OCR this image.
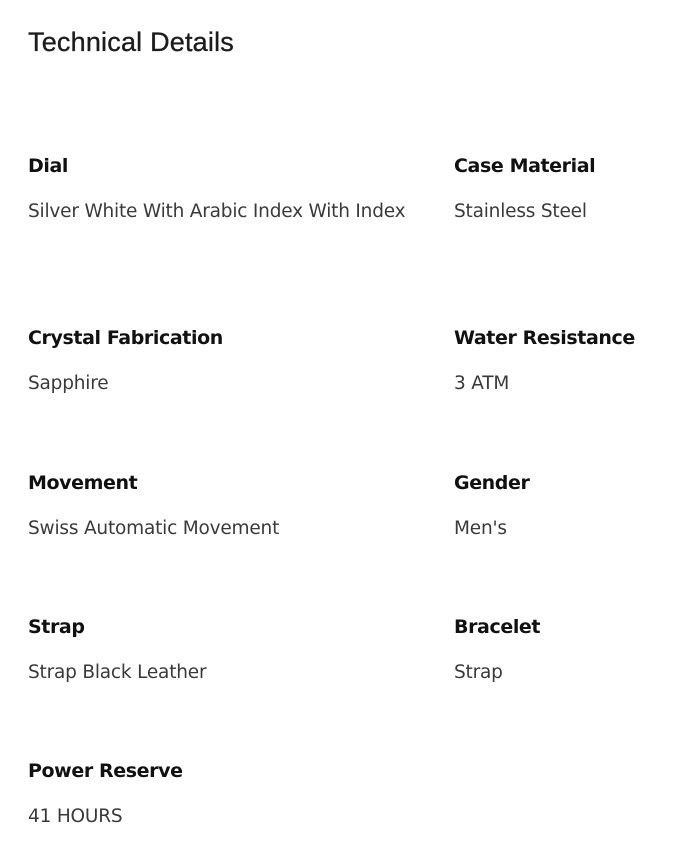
Technical Details
Dial
Silver White With Arabic Index With Index
Case Material
Stainless Steel
Crystal Fabrication
Sapphire
Water Resistance
3 ATM
Movement
Swiss Automatic Movement
Gender
Men's
Strap
Strap Black Leather
Bracelet
Strap
Power Reserve
41 HOURS
